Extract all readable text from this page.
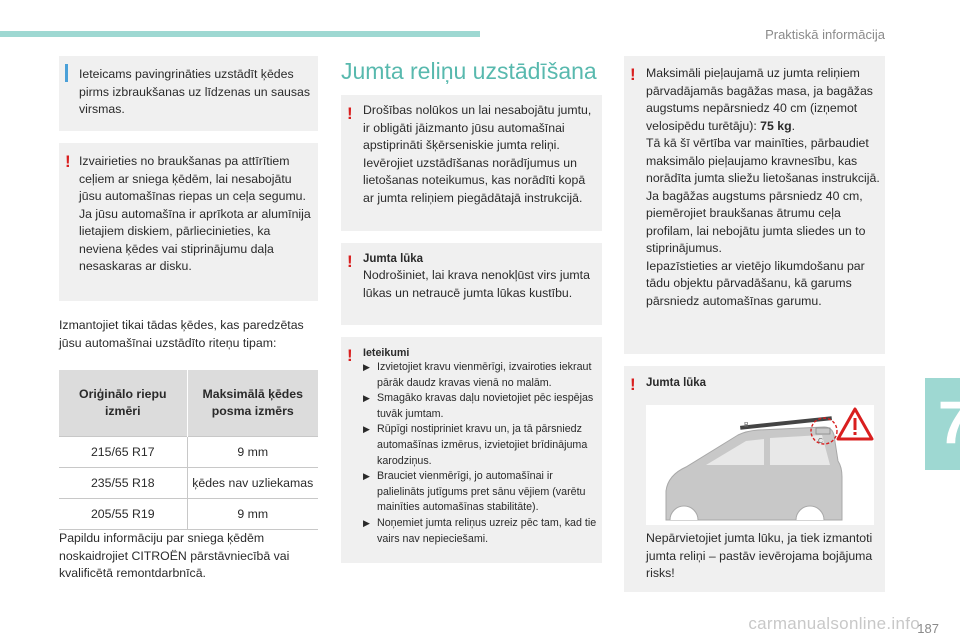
Praktiskā informācija

Ieteicams pavingrināties uzstādīt ķēdes pirms izbraukšanas uz līdzenas un sausas virsmas.

! Izvairieties no braukšanas pa attīrītiem ceļiem ar sniega ķēdēm, lai nesabojātu jūsu automašīnas riepas un ceļa segumu. Ja jūsu automašīna ir aprīkota ar alumīnija lietajiem diskiem, pārliecinieties, ka neviena ķēdes vai stiprinājumu daļa nesaskaras ar disku.

Izmantojiet tikai tādas ķēdes, kas paredzētas jūsu automašīnai uzstādīto riteņu tipam:

Oriģinālo riepu izmēri	Maksimālā ķēdes posma izmērs
215/65 R17	9 mm
235/55 R18	ķēdes nav uzliekamas
205/55 R19	9 mm

Papildu informāciju par sniega ķēdēm noskaidrojiet CITROËN pārstāvniecībā vai kvalificētā remontdarbnīcā.

Jumta reliņu uzstādīšana
! Drošības nolūkos un lai nesabojātu jumtu, ir obligāti jāizmanto jūsu automašīnai apstiprināti šķērseniskie jumta reliņi. Ievērojiet uzstādīšanas norādījumus un lietošanas noteikumus, kas norādīti kopā ar jumta reliņiem piegādātajā instrukcijā.

! Jumta lūka

Nodrošiniet, lai krava nenokļūst virs jumta lūkas un netraucē jumta lūkas kustību.

! Ieteikumi

▶ Izvietojiet kravu vienmērīgi, izvairoties iekraut pārāk daudz kravas vienā no malām.
▶ Smagāko kravas daļu novietojiet pēc iespējas tuvāk jumtam.
▶ Rūpīgi nostipriniet kravu un, ja tā pārsniedz automašīnas izmērus, izvietojiet brīdinājuma karodziņus.
▶ Brauciet vienmērīgi, jo automašīnai ir palielināts jutīgums pret sānu vējiem (varētu mainīties automašīnas stabilitāte).
▶ Noņemiet jumta reliņus uzreiz pēc tam, kad tie vairs nav nepieciešami.
! Maksimāli pieļaujamā uz jumta reliņiem pārvadājamās bagāžas masa, ja bagāžas augstums nepārsniedz 40 cm (izņemot velosipēdu turētāju): 75 kg.

Tā kā šī vērtība var mainīties, pārbaudiet maksimālo pieļaujamo kravnesību, kas norādīta jumta sliežu lietošanas instrukcijā.

Ja bagāžas augstums pārsniedz 40 cm, piemērojiet braukšanas ātrumu ceļa profilam, lai nebojātu jumta sliedes un to stiprinājumus.

Iepazīstieties ar vietējo likumdošanu par tādu objektu pārvadāšanu, kā garums pārsniedz automašīnas garumu.

! Jumta lūka

Nepārvietojiet jumta lūku, ja tiek izmantoti jumta reliņi – pastāv ievērojama bojājuma risks!

B
C 7
carmanualsonline.info
187
